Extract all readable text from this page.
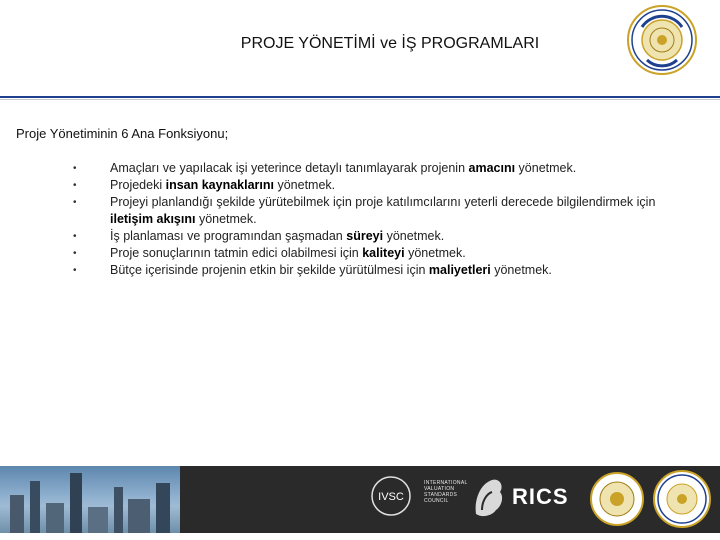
PROJE YÖNETİMİ ve İŞ PROGRAMLARI
Proje Yönetiminin 6 Ana Fonksiyonu;
•	Amaçları ve yapılacak işi yeterince detaylı tanımlayarak projenin amacını yönetmek.
•	Projedeki insan kaynaklarını yönetmek.
•	Projeyi planlandığı şekilde yürütebilmek için proje katılımcılarını yeterli derecede bilgilendirmek için iletişim akışını yönetmek.
•	İş planlaması ve programından şaşmadan süreyi yönetmek.
•	Proje sonuçlarının tatmin edici olabilmesi için kaliteyi yönetmek.
•	Bütçe içerisinde projenin etkin bir şekilde yürütülmesi için maliyetleri yönetmek.
IVSC
INTERNATIONAL
VALUATION
STANDARDS
COUNCIL	RICS
